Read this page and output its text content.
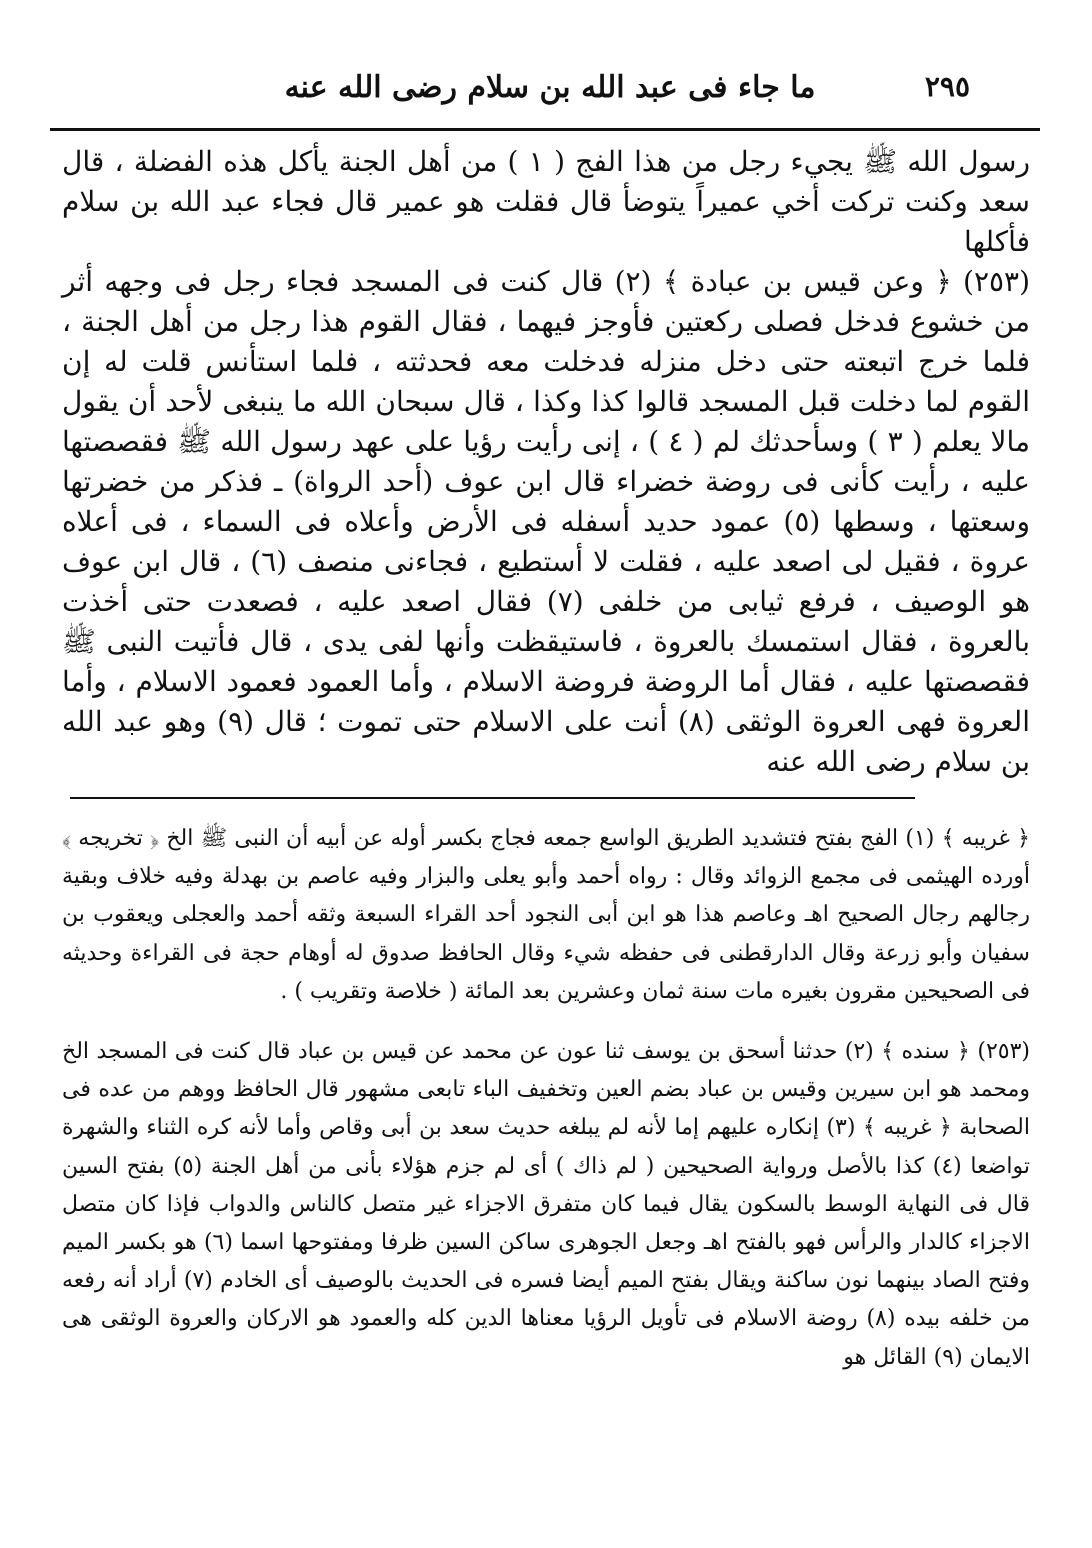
٢٩٥
ما جاء فى عبد الله بن سلام رضى الله عنه

رسول الله ﷺ يجيء رجل من هذا الفج ( ١ ) من أهل الجنة يأكل هذه الفضلة ، قال سعد وكنت تركت أخي عميراً يتوضأ قال فقلت هو عمير قال فجاء عبد الله بن سلام فأكلها

(٢٥٣) ﴿ وعن قيس بن عبادة ﴾ (٢) قال كنت فى المسجد فجاء رجل فى وجهه أثر من خشوع فدخل فصلى ركعتين فأوجز فيهما ، فقال القوم هذا رجل من أهل الجنة ، فلما خرج اتبعته حتى دخل منزله فدخلت معه فحدثته ، فلما استأنس قلت له إن القوم لما دخلت قبل المسجد قالوا كذا وكذا ، قال سبحان الله ما ينبغى لأحد أن يقول مالا يعلم ( ٣ ) وسأحدثك لم ( ٤ ) ، إنى رأيت رؤيا على عهد رسول الله ﷺ فقصصتها عليه ، رأيت كأنى فى روضة خضراء قال ابن عوف (أحد الرواة) ـ فذكر من خضرتها وسعتها ، وسطها (٥) عمود حديد أسفله فى الأرض وأعلاه فى السماء ، فى أعلاه عروة ، فقيل لى اصعد عليه ، فقلت لا أستطيع ، فجاءنى منصف (٦) ، قال ابن عوف هو الوصيف ، فرفع ثيابى من خلفى (٧) فقال اصعد عليه ، فصعدت حتى أخذت بالعروة ، فقال استمسك بالعروة ، فاستيقظت وأنها لفى يدى ، قال فأتيت النبى ﷺ فقصصتها عليه ، فقال أما الروضة فروضة الاسلام ، وأما العمود فعمود الاسلام ، وأما العروة فهى العروة الوثقى (٨) أنت على الاسلام حتى تموت ؛ قال (٩) وهو عبد الله بن سلام رضى الله عنه

﴿ غريبه ﴾ (١) الفج بفتح فتشديد الطريق الواسع جمعه فجاج بكسر أوله عن أبيه أن النبى ﷺ الخ ﴿ تخريجه ﴾ أورده الهيثمى فى مجمع الزوائد وقال : رواه أحمد وأبو يعلى والبزار وفيه عاصم بن بهدلة وفيه خلاف وبقية رجالهم رجال الصحيح اهـ وعاصم هذا هو ابن أبى النجود أحد القراء السبعة وثقه أحمد والعجلى ويعقوب بن سفيان وأبو زرعة وقال الدارقطنى فى حفظه شيء وقال الحافظ صدوق له أوهام حجة فى القراءة وحديثه فى الصحيحين مقرون بغيره مات سنة ثمان وعشرين بعد المائة ( خلاصة وتقريب ) .

(٢٥٣) ﴿ سنده ﴾ (٢) حدثنا أسحق بن يوسف ثنا عون عن محمد عن قيس بن عباد قال كنت فى المسجد الخ ومحمد هو ابن سيرين وقيس بن عباد بضم العين وتخفيف الباء تابعى مشهور قال الحافظ ووهم من عده فى الصحابة ﴿ غريبه ﴾ (٣) إنكاره عليهم إما لأنه لم يبلغه حديث سعد بن أبى وقاص وأما لأنه كره الثناء والشهرة تواضعا (٤) كذا بالأصل ورواية الصحيحين ( لم ذاك ) أى لم جزم هؤلاء بأنى من أهل الجنة (٥) بفتح السين قال فى النهاية الوسط بالسكون يقال فيما كان متفرق الاجزاء غير متصل كالناس والدواب فإذا كان متصل الاجزاء كالدار والرأس فهو بالفتح اهـ وجعل الجوهرى ساكن السين ظرفا ومفتوحها اسما (٦) هو بكسر الميم وفتح الصاد بينهما نون ساكنة ويقال بفتح الميم أيضا فسره فى الحديث بالوصيف أى الخادم (٧) أراد أنه رفعه من خلفه بيده (٨) روضة الاسلام فى تأويل الرؤيا معناها الدين كله والعمود هو الاركان والعروة الوثقى هى الايمان (٩) القائل هو
